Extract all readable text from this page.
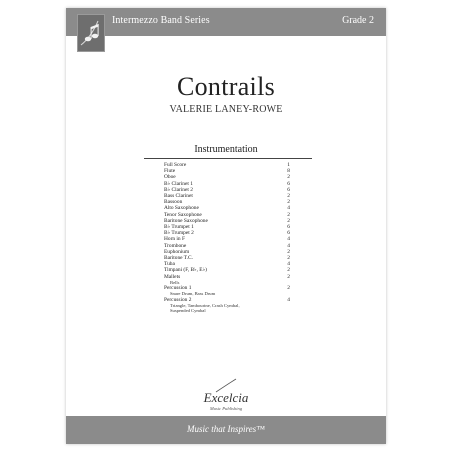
Intermezzo Band Series	Grade 2
Contrails
VALERIE LANEY-ROWE
Instrumentation
Full Score	1
Flute	8
Oboe	2
B♭ Clarinet 1	6
B♭ Clarinet 2	6
Bass Clarinet	2
Bassoon	2
Alto Saxophone	4
Tenor Saxophone	2
Baritone Saxophone	2
B♭ Trumpet 1	6
B♭ Trumpet 2	6
Horn in F	4
Trombone	4
Euphonium	2
Baritone T.C.	2
Tuba	4
Timpani (F, B♭, E♭)	2
Mallets	2
Bells
Percussion 1	2
Snare Drum, Bass Drum
Percussion 2	4
Triangle, Tambourine, Crash Cymbal,
Suspended Cymbal
Excelcia
Music Publishing
Music that Inspires™
